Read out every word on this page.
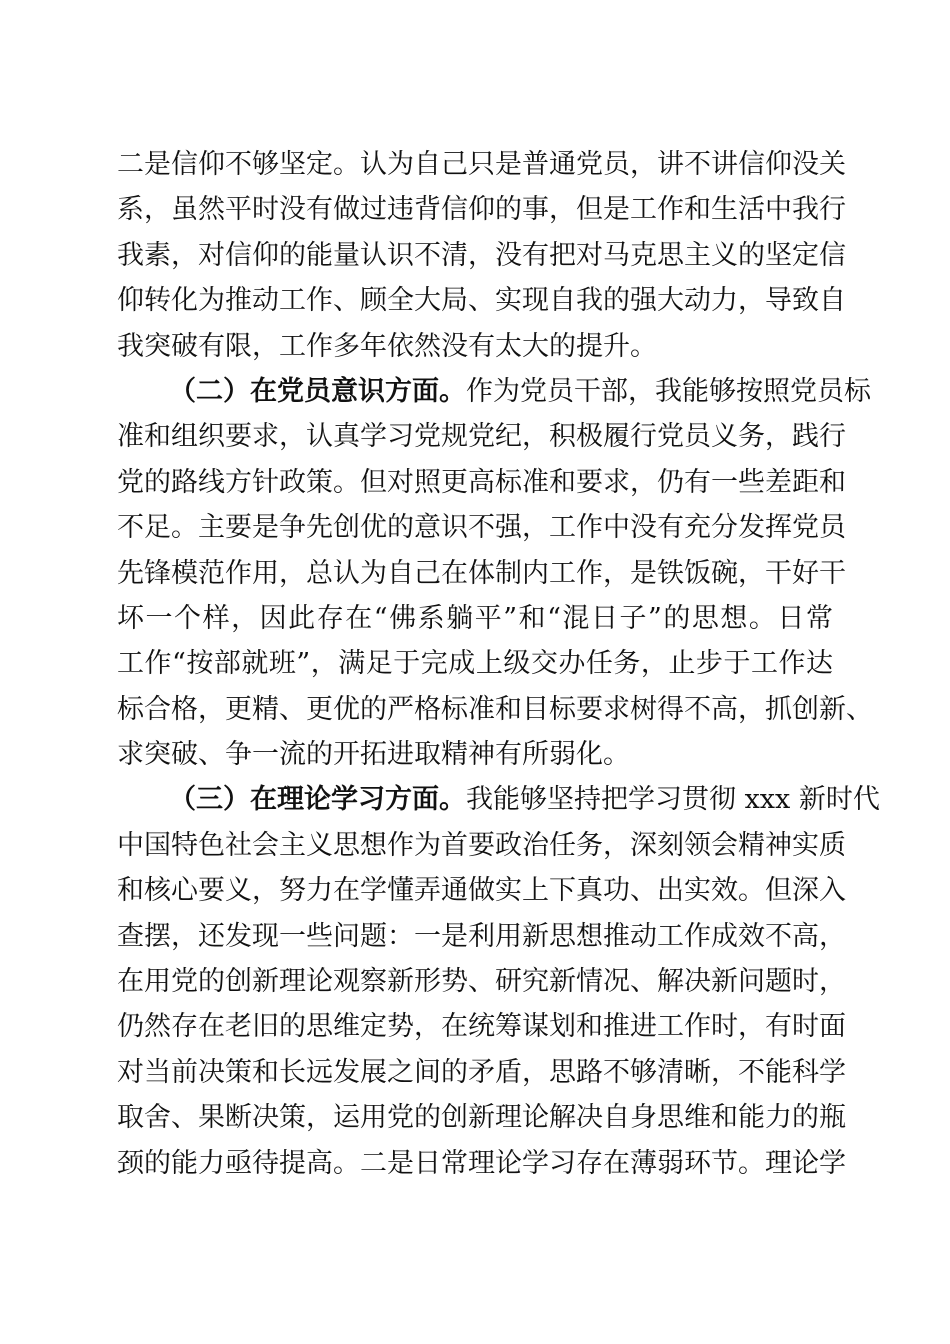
二是信仰不够坚定。认为自己只是普通党员，讲不讲信仰没关
系，虽然平时没有做过违背信仰的事，但是工作和生活中我行
我素，对信仰的能量认识不清，没有把对马克思主义的坚定信
仰转化为推动工作、顾全大局、实现自我的强大动力，导致自
我突破有限，工作多年依然没有太大的提升。
（二）在党员意识方面。作为党员干部，我能够按照党员标
准和组织要求，认真学习党规党纪，积极履行党员义务，践行
党的路线方针政策。但对照更高标准和要求，仍有一些差距和
不足。主要是争先创优的意识不强，工作中没有充分发挥党员
先锋模范作用，总认为自己在体制内工作，是铁饭碗，干好干
坏一个样，因此存在“佛系躺平”和“混日子”的思想。日常
工作“按部就班”，满足于完成上级交办任务，止步于工作达
标合格，更精、更优的严格标准和目标要求树得不高，抓创新、
求突破、争一流的开拓进取精神有所弱化。
（三）在理论学习方面。我能够坚持把学习贯彻 xxx 新时代
中国特色社会主义思想作为首要政治任务，深刻领会精神实质
和核心要义，努力在学懂弄通做实上下真功、出实效。但深入
查摆，还发现一些问题：一是利用新思想推动工作成效不高，
在用党的创新理论观察新形势、研究新情况、解决新问题时，
仍然存在老旧的思维定势，在统筹谋划和推进工作时，有时面
对当前决策和长远发展之间的矛盾，思路不够清晰，不能科学
取舍、果断决策，运用党的创新理论解决自身思维和能力的瓶
颈的能力亟待提高。二是日常理论学习存在薄弱环节。理论学
